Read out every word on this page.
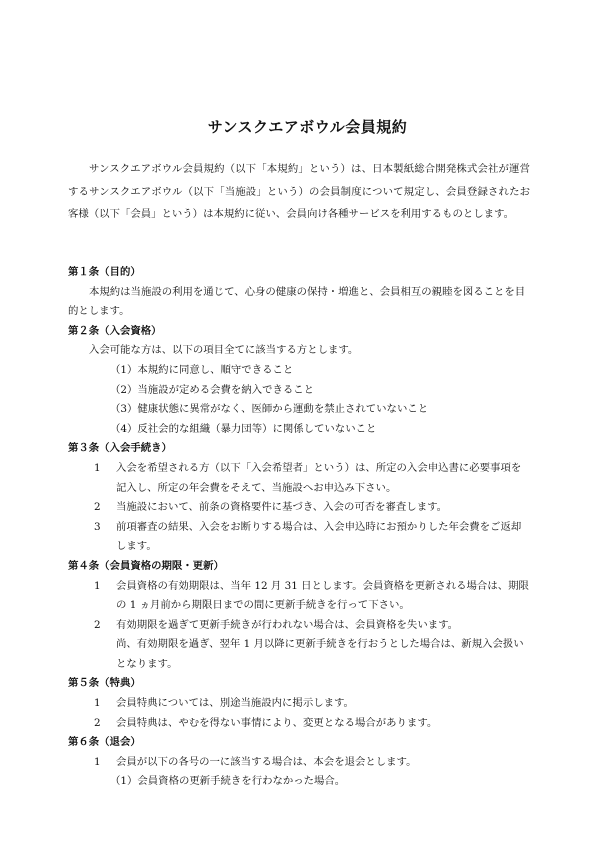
サンスクエアボウル会員規約
サンスクエアボウル会員規約（以下「本規約」という）は、日本製紙総合開発株式会社が運営するサンスクエアボウル（以下「当施設」という）の会員制度について規定し、会員登録されたお客様（以下「会員」という）は本規約に従い、会員向け各種サービスを利用するものとします。
第１条（目的）
本規約は当施設の利用を通じて、心身の健康の保持・増進と、会員相互の親睦を図ることを目的とします。
第２条（入会資格）
入会可能な方は、以下の項目全てに該当する方とします。
（1）本規約に同意し、順守できること
（2）当施設が定める会費を納入できること
（3）健康状態に異常がなく、医師から運動を禁止されていないこと
（4）反社会的な組織（暴力団等）に関係していないこと
第３条（入会手続き）
1 入会を希望される方（以下「入会希望者」という）は、所定の入会申込書に必要事項を記入し、所定の年会費をそえて、当施設へお申込み下さい。
2 当施設において、前条の資格要件に基づき、入会の可否を審査します。
3 前項審査の結果、入会をお断りする場合は、入会申込時にお預かりした年会費をご返却します。
第４条（会員資格の期限・更新）
1 会員資格の有効期限は、当年 12 月 31 日とします。会員資格を更新される場合は、期限の 1 ヵ月前から期限日までの間に更新手続きを行って下さい。
2 有効期限を過ぎて更新手続きが行われない場合は、会員資格を失います。
尚、有効期限を過ぎ、翌年 1 月以降に更新手続きを行おうとした場合は、新規入会扱いとなります。
第５条（特典）
1 会員特典については、別途当施設内に掲示します。
2 会員特典は、やむを得ない事情により、変更となる場合があります。
第６条（退会）
1 会員が以下の各号の一に該当する場合は、本会を退会とします。
（1）会員資格の更新手続きを行わなかった場合。
